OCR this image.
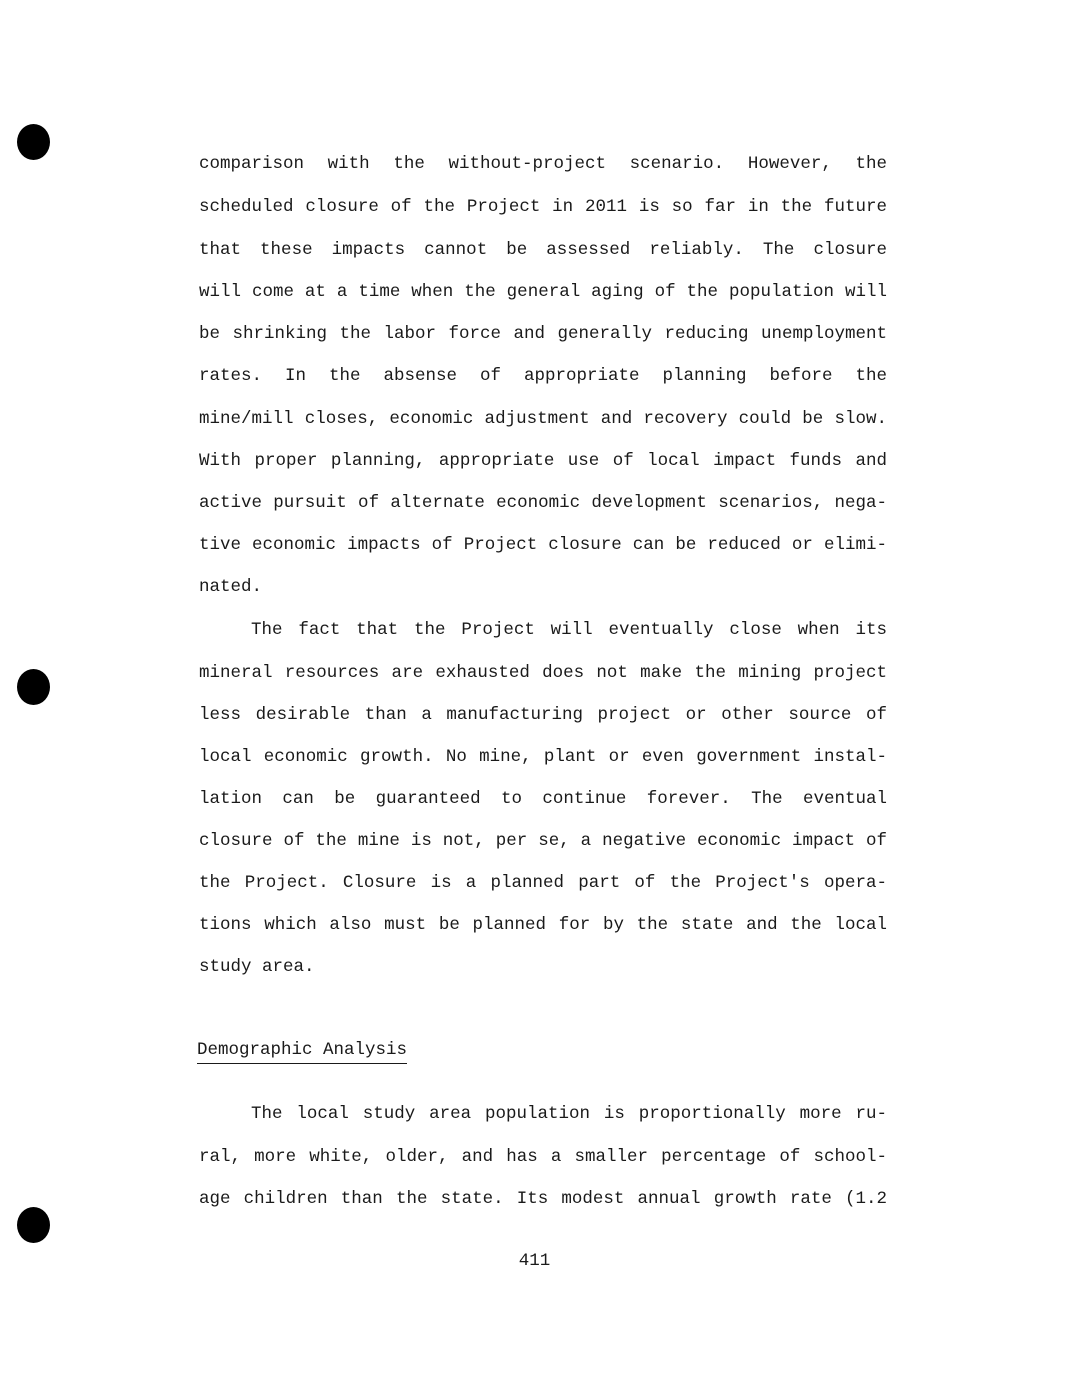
comparison with the without-project scenario. However, the
scheduled closure of the Project in 2011 is so far in the future
that these impacts cannot be assessed reliably. The closure
will come at a time when the general aging of the population will
be shrinking the labor force and generally reducing unemployment
rates. In the absense of appropriate planning before the
mine/mill closes, economic adjustment and recovery could be slow.
With proper planning, appropriate use of local impact funds and
active pursuit of alternate economic development scenarios, nega-
tive economic impacts of Project closure can be reduced or elimi-
nated.
The fact that the Project will eventually close when its
mineral resources are exhausted does not make the mining project
less desirable than a manufacturing project or other source of
local economic growth. No mine, plant or even government instal-
lation can be guaranteed to continue forever. The eventual
closure of the mine is not, per se, a negative economic impact of
the Project. Closure is a planned part of the Project's opera-
tions which also must be planned for by the state and the local
study area.
Demographic Analysis
The local study area population is proportionally more ru-
ral, more white, older, and has a smaller percentage of school-
age children than the state. Its modest annual growth rate (1.2
411
